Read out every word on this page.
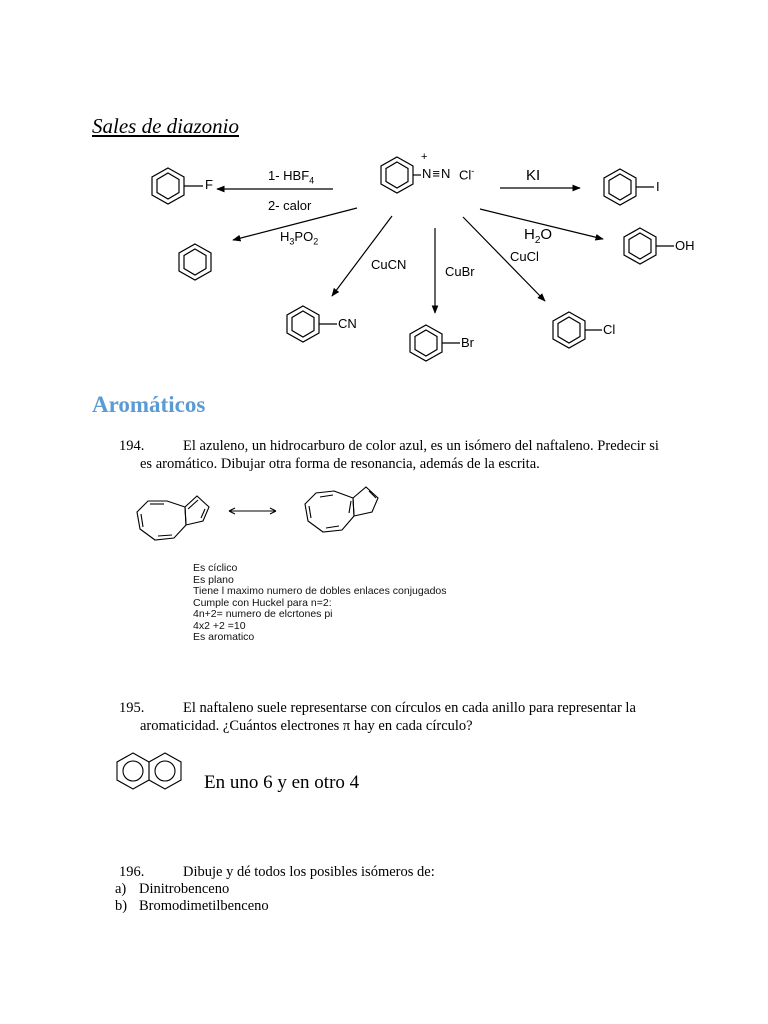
Sales de diazonio
+
N≡N Cl-
1- $HBF_4$
2- calor
F
$H_3PO_2$
CuCN
CN
CuBr
Br
CuCl
Cl
$H_2O$
OH
KI
I
Aromáticos
194.	El azuleno, un hidrocarburo de color azul, es un isómero del naftaleno. Predecir si
es aromático. Dibujar otra forma de resonancia, además de la escrita.
Es cíclico
Es plano
Tiene l maximo numero de dobles enlaces conjugados
Cumple con Huckel para n=2:
4n+2= numero de elcrtones pi
4x2 +2 =10
Es aromatico
195.	El naftaleno suele representarse con círculos en cada anillo para representar la
aromaticidad. ¿Cuántos electrones π hay en cada círculo?
En uno 6 y en otro 4
196.	Dibuje y dé todos los posibles isómeros de:
a) Dinitrobenceno
b) Bromodimetilbenceno
